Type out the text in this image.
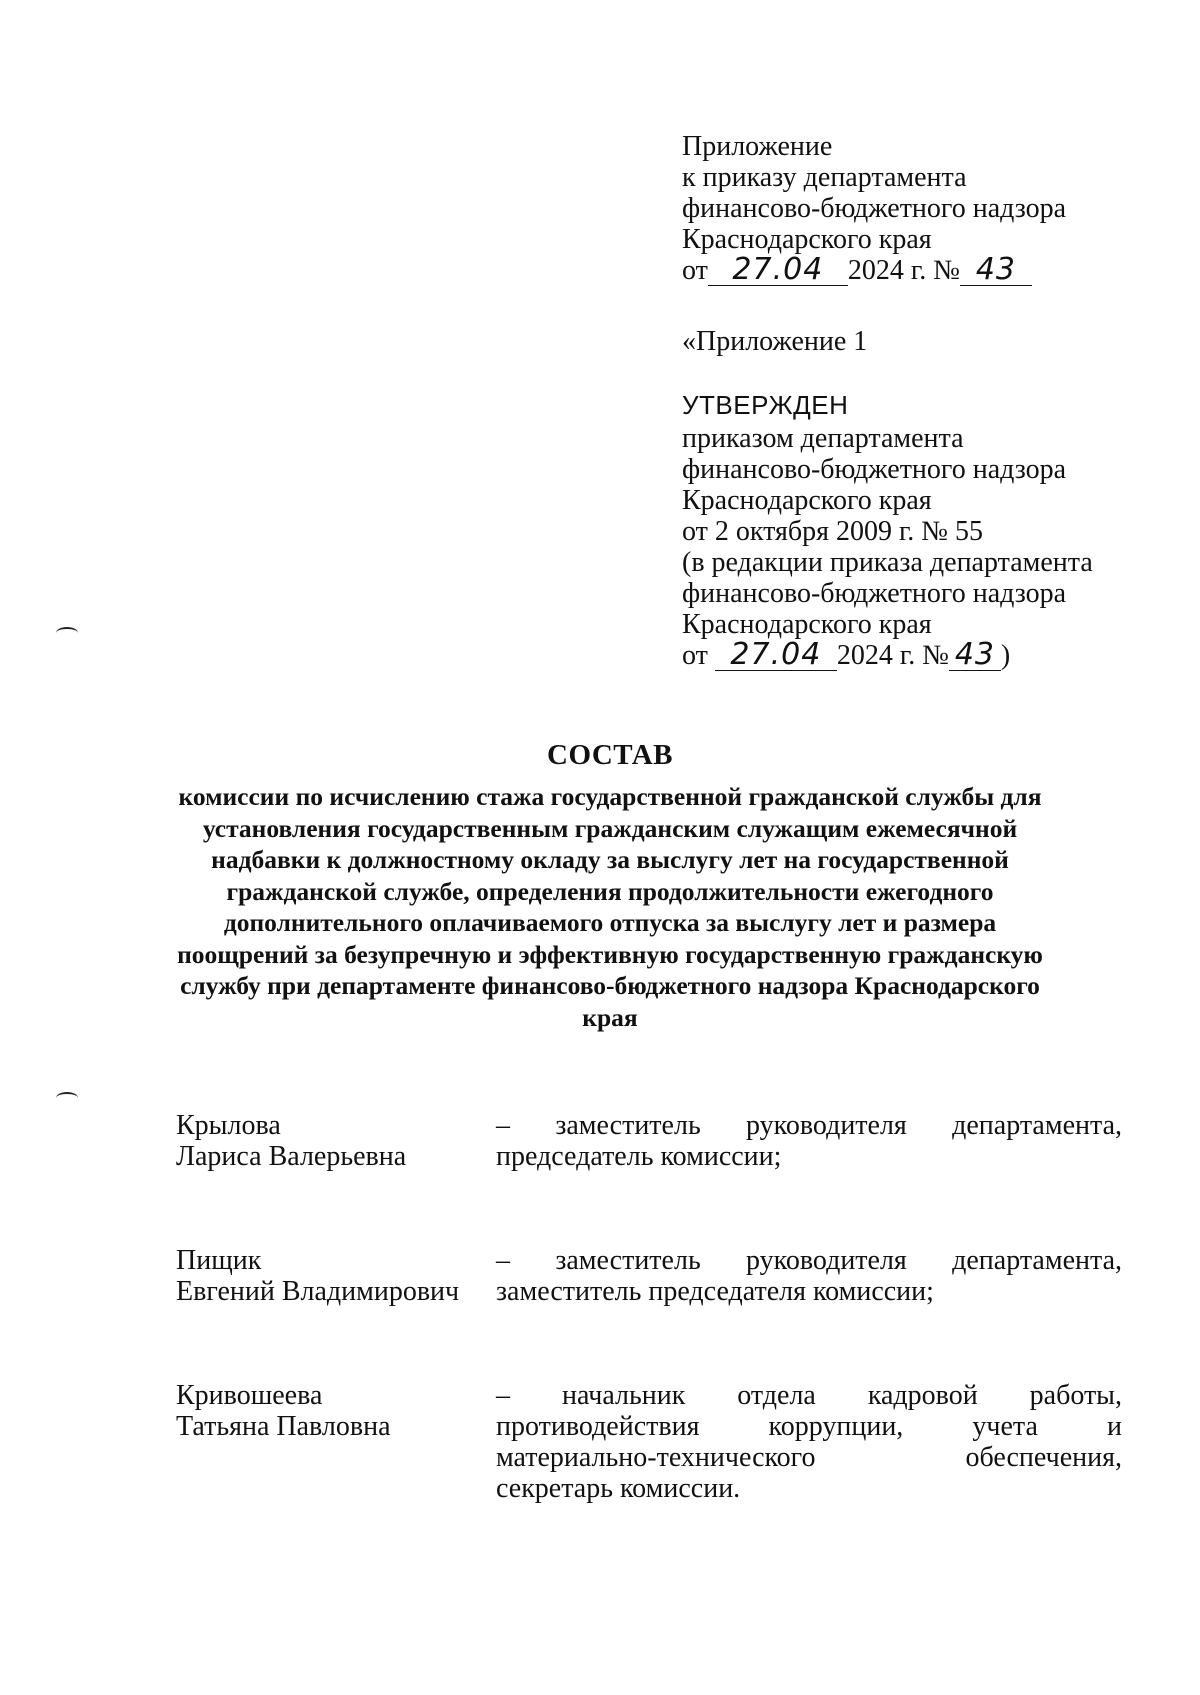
Приложение
к приказу департамента
финансово-бюджетного надзора
Краснодарского края
от 27.04 2024 г. № 43
«Приложение 1
УТВЕРЖДЕН
приказом департамента
финансово-бюджетного надзора
Краснодарского края
от 2 октября 2009 г. № 55
(в редакции приказа департамента
финансово-бюджетного надзора
Краснодарского края
от 27.04 2024 г. № 43 )
СОСТАВ
комиссии по исчислению стажа государственной гражданской службы для
установления государственным гражданским служащим ежемесячной
надбавки к должностному окладу за выслугу лет на государственной
гражданской службе, определения продолжительности ежегодного
дополнительного оплачиваемого отпуска за выслугу лет и размера
поощрений за безупречную и эффективную государственную гражданскую
службу при департаменте финансово-бюджетного надзора Краснодарского
края
Крылова
Лариса Валерьевна
– заместитель руководителя департамента,
председатель комиссии;
Пищик
Евгений Владимирович
– заместитель руководителя департамента,
заместитель председателя комиссии;
Кривошеева
Татьяна Павловна
– начальник отдела кадровой работы,
противодействия коррупции, учета и
материально-технического обеспечения,
секретарь комиссии.
